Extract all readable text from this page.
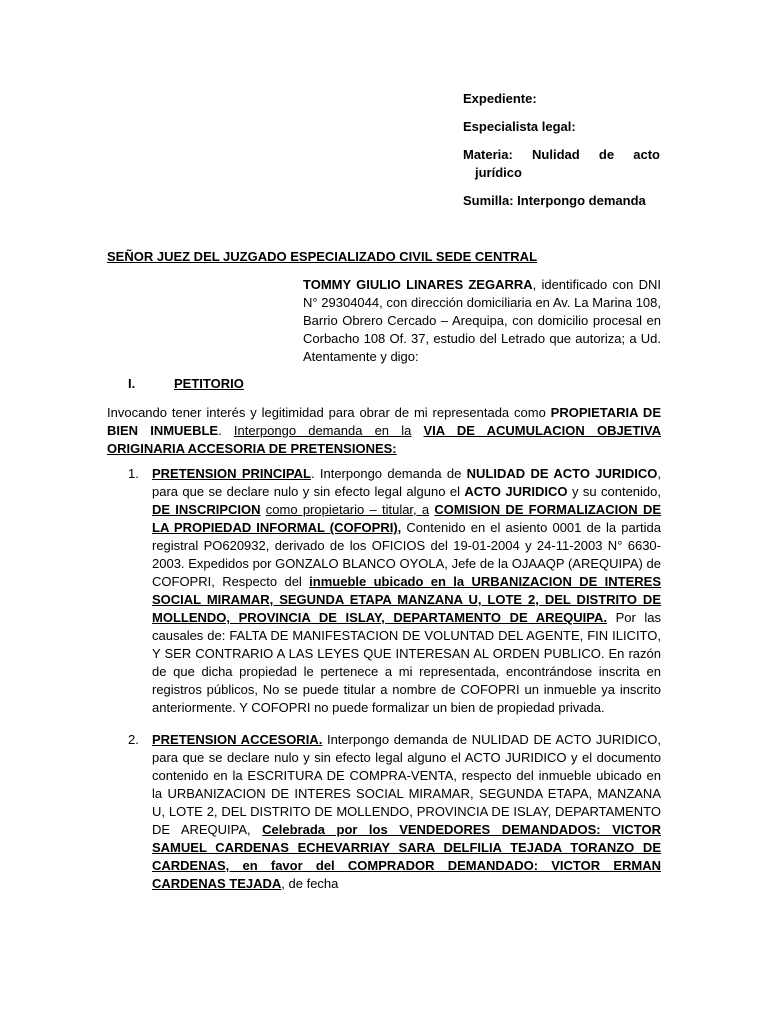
Expediente:
Especialista legal:
Materia: Nulidad de acto
jurídico
Sumilla: Interpongo demanda
SEÑOR JUEZ DEL JUZGADO ESPECIALIZADO CIVIL SEDE CENTRAL
TOMMY GIULIO LINARES ZEGARRA, identificado con DNI N° 29304044, con dirección domiciliaria en Av. La Marina 108, Barrio Obrero Cercado – Arequipa, con domicilio procesal en Corbacho 108 Of. 37, estudio del Letrado que autoriza; a Ud. Atentamente y digo:
I.	PETITORIO
Invocando tener interés y legitimidad para obrar de mi representada como PROPIETARIA DE BIEN INMUEBLE. Interpongo demanda en la VIA DE ACUMULACION OBJETIVA ORIGINARIA ACCESORIA DE PRETENSIONES:
1. PRETENSION PRINCIPAL. Interpongo demanda de NULIDAD DE ACTO JURIDICO, para que se declare nulo y sin efecto legal alguno el ACTO JURIDICO y su contenido, DE INSCRIPCION como propietario – titular, a COMISION DE FORMALIZACION DE LA PROPIEDAD INFORMAL (COFOPRI), Contenido en el asiento 0001 de la partida registral PO620932, derivado de los OFICIOS del 19-01-2004 y 24-11-2003 N° 6630-2003. Expedidos por GONZALO BLANCO OYOLA, Jefe de la OJAAQP (AREQUIPA) de COFOPRI, Respecto del inmueble ubicado en la URBANIZACION DE INTERES SOCIAL MIRAMAR, SEGUNDA ETAPA MANZANA U, LOTE 2, DEL DISTRITO DE MOLLENDO, PROVINCIA DE ISLAY, DEPARTAMENTO DE AREQUIPA. Por las causales de: FALTA DE MANIFESTACION DE VOLUNTAD DEL AGENTE, FIN ILICITO, Y SER CONTRARIO A LAS LEYES QUE INTERESAN AL ORDEN PUBLICO. En razón de que dicha propiedad le pertenece a mi representada, encontrándose inscrita en registros públicos, No se puede titular a nombre de COFOPRI un inmueble ya inscrito anteriormente. Y COFOPRI no puede formalizar un bien de propiedad privada.
2. PRETENSION ACCESORIA. Interpongo demanda de NULIDAD DE ACTO JURIDICO, para que se declare nulo y sin efecto legal alguno el ACTO JURIDICO y el documento contenido en la ESCRITURA DE COMPRA-VENTA, respecto del inmueble ubicado en la URBANIZACION DE INTERES SOCIAL MIRAMAR, SEGUNDA ETAPA, MANZANA U, LOTE 2, DEL DISTRITO DE MOLLENDO, PROVINCIA DE ISLAY, DEPARTAMENTO DE AREQUIPA, Celebrada por los VENDEDORES DEMANDADOS: VICTOR SAMUEL CARDENAS ECHEVARRIAY SARA DELFILIA TEJADA TORANZO DE CARDENAS, en favor del COMPRADOR DEMANDADO: VICTOR ERMAN CARDENAS TEJADA, de fecha
